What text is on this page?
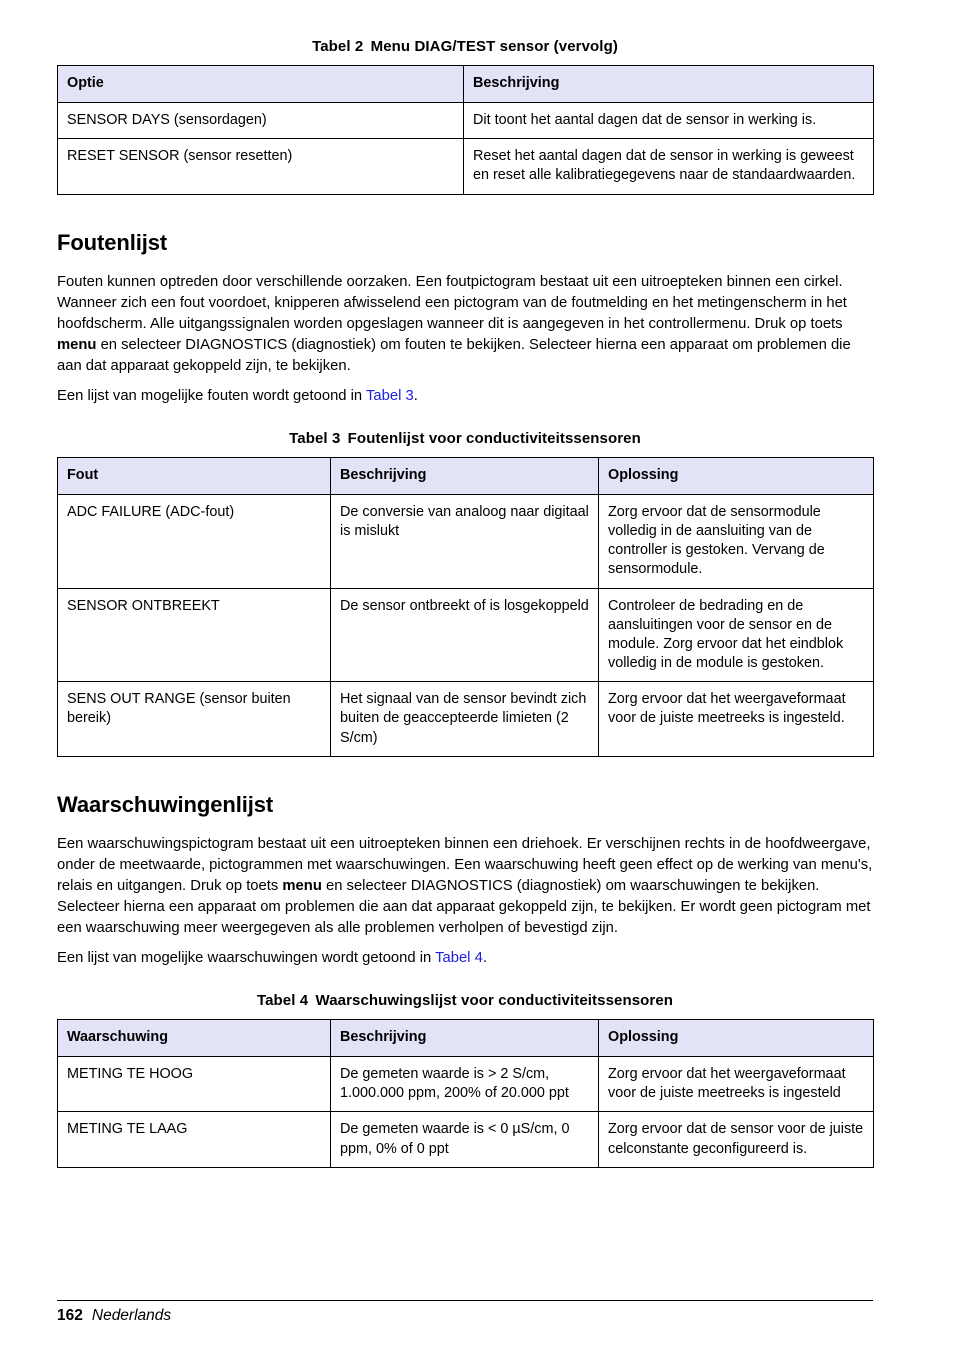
Tabel 2 Menu DIAG/TEST sensor (vervolg)
Optie	Beschrijving
SENSOR DAYS (sensordagen)	Dit toont het aantal dagen dat de sensor in werking is.
RESET SENSOR (sensor resetten)	Reset het aantal dagen dat de sensor in werking is geweest en reset alle kalibratiegegevens naar de standaardwaarden.
Foutenlijst

Fouten kunnen optreden door verschillende oorzaken. Een foutpictogram bestaat uit een uitroepteken binnen een cirkel. Wanneer zich een fout voordoet, knipperen afwisselend een pictogram van de foutmelding en het metingenscherm in het hoofdscherm. Alle uitgangssignalen worden opgeslagen wanneer dit is aangegeven in het controllermenu. Druk op toets menu en selecteer DIAGNOSTICS (diagnostiek) om fouten te bekijken. Selecteer hierna een apparaat om problemen die aan dat apparaat gekoppeld zijn, te bekijken.

Een lijst van mogelijke fouten wordt getoond in Tabel 3.

Tabel 3 Foutenlijst voor conductiviteitssensoren
Fout	Beschrijving	Oplossing
ADC FAILURE (ADC-fout)	De conversie van analoog naar digitaal is mislukt	Zorg ervoor dat de sensormodule volledig in de aansluiting van de controller is gestoken. Vervang de sensormodule.
SENSOR ONTBREEKT	De sensor ontbreekt of is losgekoppeld	Controleer de bedrading en de aansluitingen voor de sensor en de module. Zorg ervoor dat het eindblok volledig in de module is gestoken.
SENS OUT RANGE (sensor buiten bereik)	Het signaal van de sensor bevindt zich buiten de geaccepteerde limieten (2 S/cm)	Zorg ervoor dat het weergaveformaat voor de juiste meetreeks is ingesteld.
Waarschuwingenlijst

Een waarschuwingspictogram bestaat uit een uitroepteken binnen een driehoek. Er verschijnen rechts in de hoofdweergave, onder de meetwaarde, pictogrammen met waarschuwingen. Een waarschuwing heeft geen effect op de werking van menu's, relais en uitgangen. Druk op toets menu en selecteer DIAGNOSTICS (diagnostiek) om waarschuwingen te bekijken. Selecteer hierna een apparaat om problemen die aan dat apparaat gekoppeld zijn, te bekijken. Er wordt geen pictogram met een waarschuwing meer weergegeven als alle problemen verholpen of bevestigd zijn.

Een lijst van mogelijke waarschuwingen wordt getoond in Tabel 4.

Tabel 4 Waarschuwingslijst voor conductiviteitssensoren
Waarschuwing	Beschrijving	Oplossing
METING TE HOOG	De gemeten waarde is > 2 S/cm, 1.000.000 ppm, 200% of 20.000 ppt	Zorg ervoor dat het weergaveformaat voor de juiste meetreeks is ingesteld
METING TE LAAG	De gemeten waarde is < 0 µS/cm, 0 ppm, 0% of 0 ppt	Zorg ervoor dat de sensor voor de juiste celconstante geconfigureerd is.
162 Nederlands
